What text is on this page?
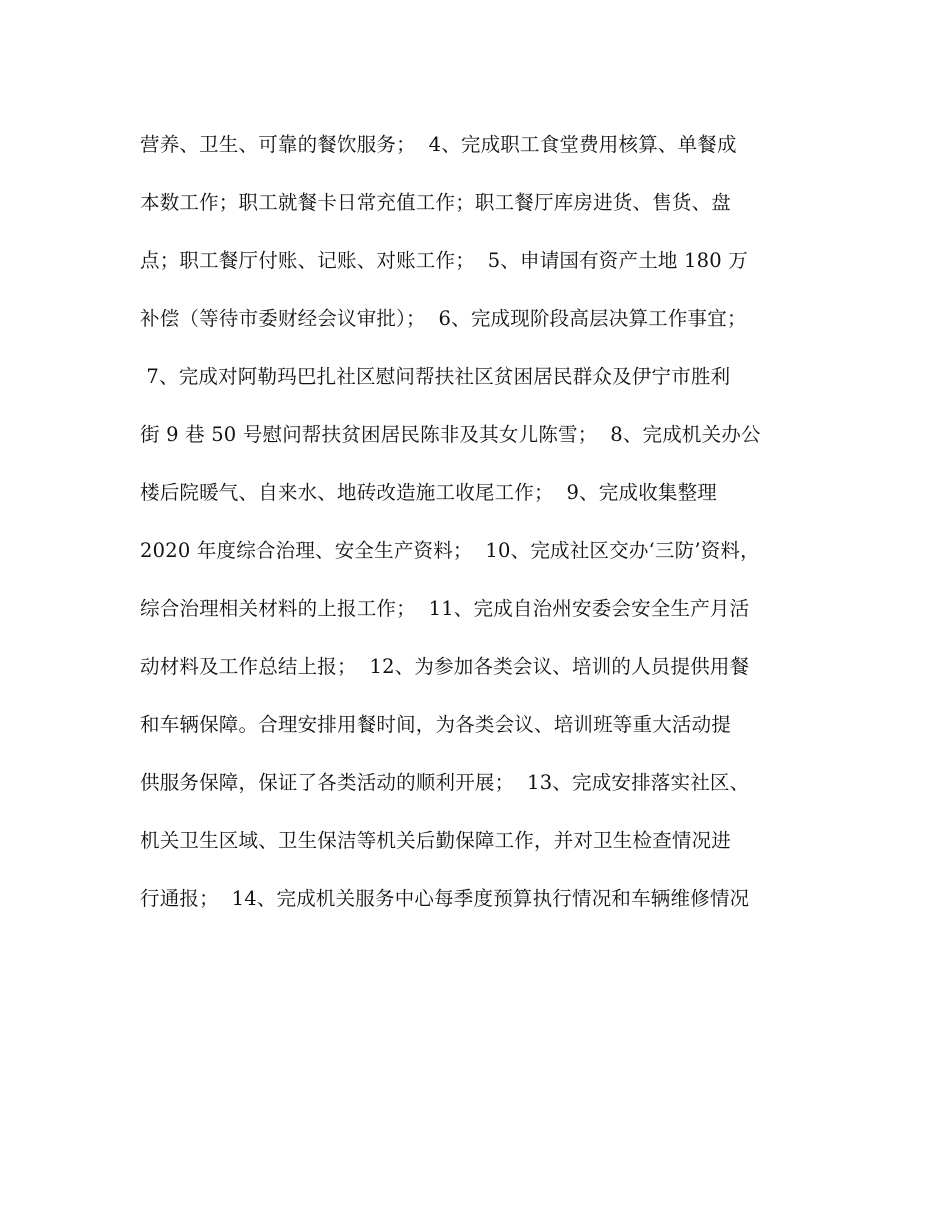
营养、卫生、可靠的餐饮服务；  4、完成职工食堂费用核算、单餐成
本数工作；职工就餐卡日常充值工作；职工餐厅库房进货、售货、盘
点；职工餐厅付账、记账、对账工作；  5、申请国有资产土地 180 万
补偿（等待市委财经会议审批）；  6、完成现阶段高层决算工作事宜；
7、完成对阿勒玛巴扎社区慰问帮扶社区贫困居民群众及伊宁市胜利
街 9 巷 50 号慰问帮扶贫困居民陈非及其女儿陈雪；  8、完成机关办公
楼后院暖气、自来水、地砖改造施工收尾工作；  9、完成收集整理
2020 年度综合治理、安全生产资料；  10、完成社区交办‘三防’资料，
综合治理相关材料的上报工作；  11、完成自治州安委会安全生产月活
动材料及工作总结上报；  12、为参加各类会议、培训的人员提供用餐
和车辆保障。合理安排用餐时间，为各类会议、培训班等重大活动提
供服务保障，保证了各类活动的顺利开展；  13、完成安排落实社区、
机关卫生区域、卫生保洁等机关后勤保障工作，并对卫生检查情况进
行通报；  14、完成机关服务中心每季度预算执行情况和车辆维修情况
